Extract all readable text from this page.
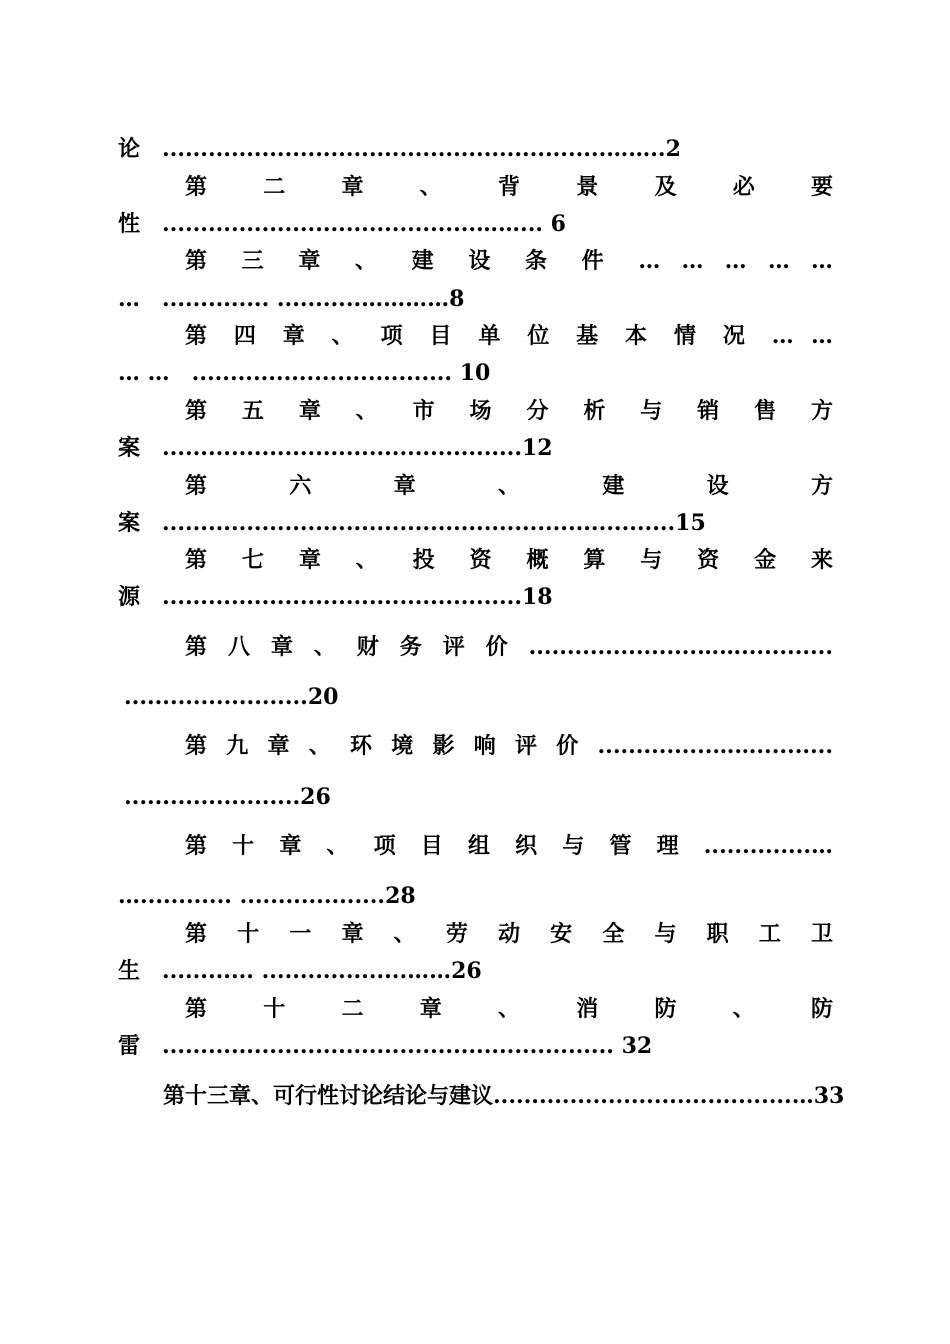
论 ..........................................................……..2
第 二 章 、 背 景 及 必 要
性 .........................................……... 6
第 三 章 、 建 设 条 件 … … … … …
… .............. ...........…………8
第 四 章 、 项 目 单 位 基 本 情 况 … …
… … .................................. 10
第 五 章 、 市 场 分 析 与 销 售 方
案 ...............................................12
第 六 章 、 建 设 方
案 ...................................................................15
第 七 章 、 投 资 概 算 与 资 金 来
源 ...............................................18
第 八 章 、 财 务 评 价 ......................……............
........................20
第 九 章 、 环 境 影 响 评 价 ...............……..........
.......................26
第 十 章 、 项 目 组 织 与 管 理 ..............…
…............ ...................28
第 十 一 章 、 劳 动 安 全 与 职 工 卫
生 ............ ...................……26
第 十 二 章 、 消 防 、 防
雷 ........................................................... 32
第十三章、可行性讨论结论与建议.......................................…33
